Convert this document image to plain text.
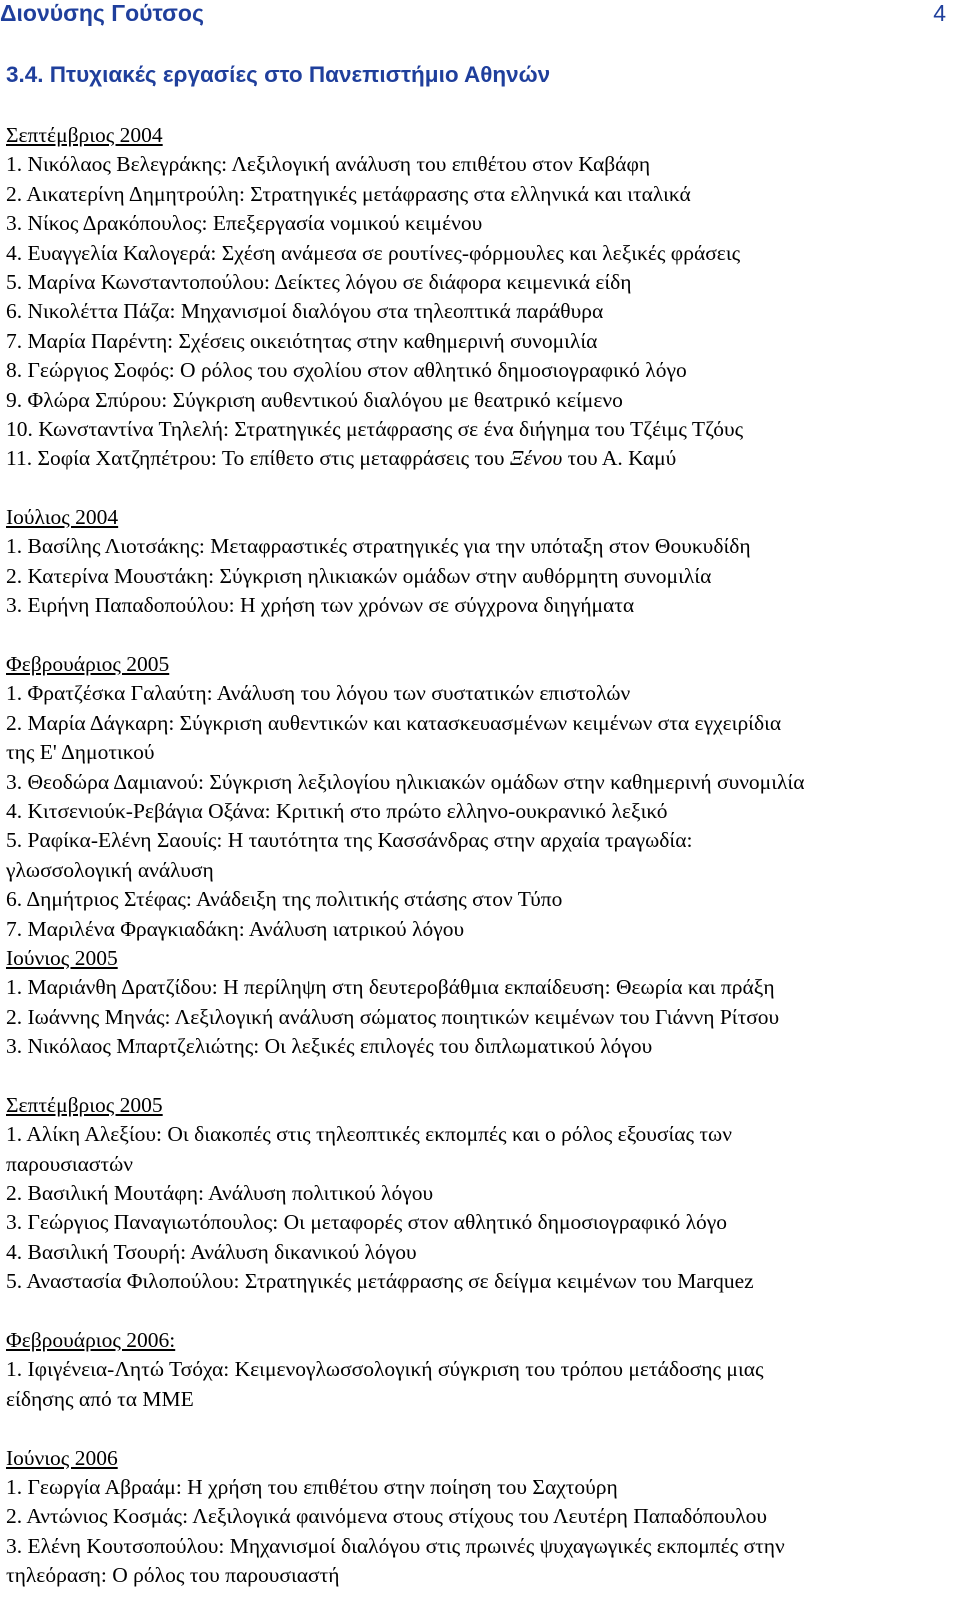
Διονύσης Γούτσος	4
3.4. Πτυχιακές εργασίες στο Πανεπιστήμιο Αθηνών
Σεπτέμβριος 2004
1. Νικόλαος Βελεγράκης: Λεξιλογική ανάλυση του επιθέτου στον Καβάφη
2. Αικατερίνη Δημητρούλη: Στρατηγικές μετάφρασης στα ελληνικά και ιταλικά
3. Νίκος Δρακόπουλος: Επεξεργασία νομικού κειμένου
4. Ευαγγελία Καλογερά: Σχέση ανάμεσα σε ρουτίνες-φόρμουλες και λεξικές φράσεις
5. Μαρίνα Κωνσταντοπούλου: Δείκτες λόγου σε διάφορα κειμενικά είδη
6. Νικολέττα Πάζα: Μηχανισμοί διαλόγου στα τηλεοπτικά παράθυρα
7. Μαρία Παρέντη: Σχέσεις οικειότητας στην καθημερινή συνομιλία
8. Γεώργιος Σοφός: Ο ρόλος του σχολίου στον αθλητικό δημοσιογραφικό λόγο
9. Φλώρα Σπύρου: Σύγκριση αυθεντικού διαλόγου με θεατρικό κείμενο
10. Κωνσταντίνα Τηλελή: Στρατηγικές μετάφρασης σε ένα διήγημα του Τζέιμς Τζόυς
11. Σοφία Χατζηπέτρου: Το επίθετο στις μεταφράσεις του Ξένου του Α. Καμύ
Ιούλιος 2004
1. Βασίλης Λιοτσάκης: Μεταφραστικές στρατηγικές για την υπόταξη στον Θουκυδίδη
2. Κατερίνα Μουστάκη: Σύγκριση ηλικιακών ομάδων στην αυθόρμητη συνομιλία
3. Ειρήνη Παπαδοπούλου: Η χρήση των χρόνων σε σύγχρονα διηγήματα
Φεβρουάριος 2005
1. Φρατζέσκα Γαλαύτη: Ανάλυση του λόγου των συστατικών επιστολών
2. Μαρία Δάγκαρη: Σύγκριση αυθεντικών και κατασκευασμένων κειμένων στα εγχειρίδια
της Ε' Δημοτικού
3. Θεοδώρα Δαμιανού: Σύγκριση λεξιλογίου ηλικιακών ομάδων στην καθημερινή συνομιλία
4. Κιτσενιούκ-Ρεβάγια Οξάνα: Κριτική στο πρώτο ελληνο-ουκρανικό λεξικό
5. Ραφίκα-Ελένη Σαουίς: Η ταυτότητα της Κασσάνδρας στην αρχαία τραγωδία:
γλωσσολογική ανάλυση
6. Δημήτριος Στέφας: Ανάδειξη της πολιτικής στάσης στον Τύπο
7. Μαριλένα Φραγκιαδάκη: Ανάλυση ιατρικού λόγου
Ιούνιος 2005
1. Μαριάνθη Δρατζίδου: Η περίληψη στη δευτεροβάθμια εκπαίδευση: Θεωρία και πράξη
2. Ιωάννης Μηνάς: Λεξιλογική ανάλυση σώματος ποιητικών κειμένων του Γιάννη Ρίτσου
3. Νικόλαος Μπαρτζελιώτης: Οι λεξικές επιλογές του διπλωματικού λόγου
Σεπτέμβριος 2005
1. Αλίκη Αλεξίου: Οι διακοπές στις τηλεοπτικές εκπομπές και ο ρόλος εξουσίας των
παρουσιαστών
2. Βασιλική Μουτάφη: Ανάλυση πολιτικού λόγου
3. Γεώργιος Παναγιωτόπουλος: Οι μεταφορές στον αθλητικό δημοσιογραφικό λόγο
4. Βασιλική Τσουρή: Ανάλυση δικανικού λόγου
5. Αναστασία Φιλοπούλου: Στρατηγικές μετάφρασης σε δείγμα κειμένων του Marquez
Φεβρουάριος 2006:
1. Ιφιγένεια-Λητώ Τσόχα: Κειμενογλωσσολογική σύγκριση του τρόπου μετάδοσης μιας
είδησης από τα ΜΜΕ
Ιούνιος 2006
1. Γεωργία Αβραάμ: Η χρήση του επιθέτου στην ποίηση του Σαχτούρη
2. Αντώνιος Κοσμάς: Λεξιλογικά φαινόμενα στους στίχους του Λευτέρη Παπαδόπουλου
3. Ελένη Κουτσοπούλου: Μηχανισμοί διαλόγου στις πρωινές ψυχαγωγικές εκπομπές στην
τηλεόραση: Ο ρόλος του παρουσιαστή
